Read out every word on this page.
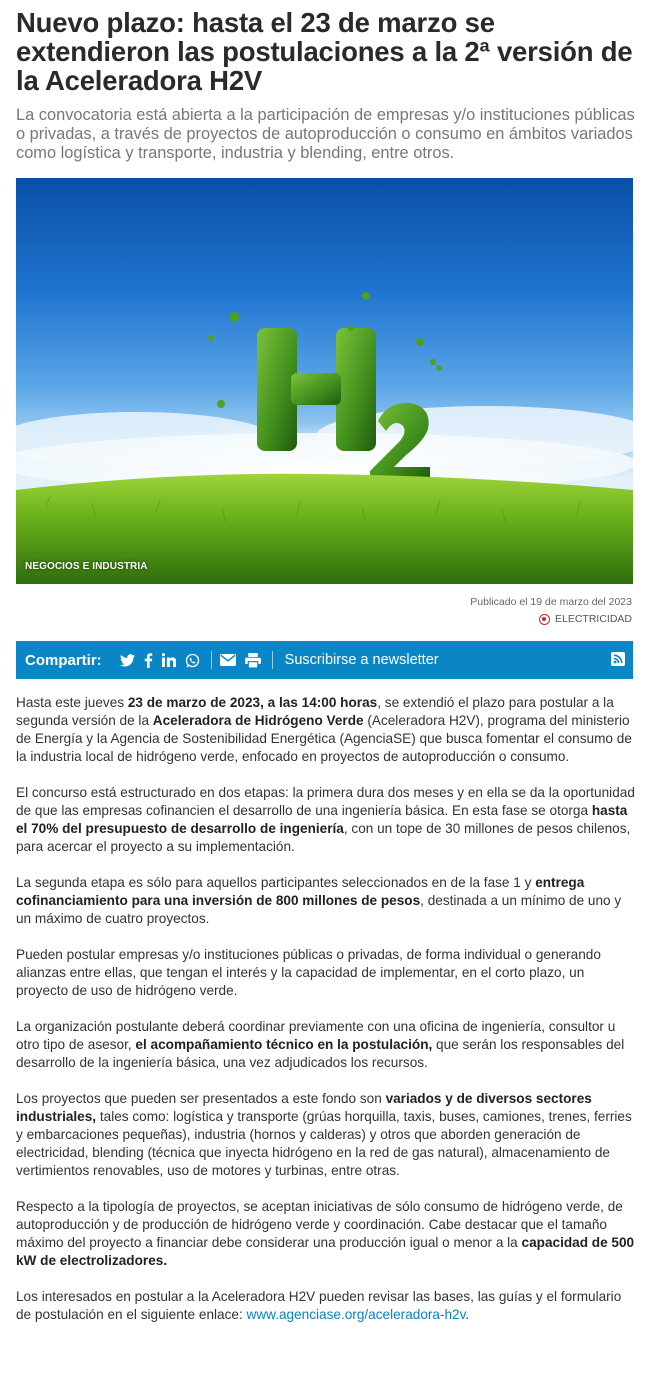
Nuevo plazo: hasta el 23 de marzo se extendieron las postulaciones a la 2ª versión de la Aceleradora H2V

La convocatoria está abierta a la participación de empresas y/o instituciones públicas o privadas, a través de proyectos de autoproducción o consumo en ámbitos variados como logística y transporte, industria y blending, entre otros.

NEGOCIOS E INDUSTRIA
Publicado el 19 de marzo del 2023
ELECTRICIDAD
Compartir:	Suscribirse a newsletter

Hasta este jueves 23 de marzo de 2023, a las 14:00 horas, se extendió el plazo para postular a la segunda versión de la Aceleradora de Hidrógeno Verde (Aceleradora H2V), programa del ministerio de Energía y la Agencia de Sostenibilidad Energética (AgenciaSE) que busca fomentar el consumo de la industria local de hidrógeno verde, enfocado en proyectos de autoproducción o consumo.

El concurso está estructurado en dos etapas: la primera dura dos meses y en ella se da la oportunidad de que las empresas cofinancien el desarrollo de una ingeniería básica. En esta fase se otorga hasta el 70% del presupuesto de desarrollo de ingeniería, con un tope de 30 millones de pesos chilenos, para acercar el proyecto a su implementación.

La segunda etapa es sólo para aquellos participantes seleccionados en de la fase 1 y entrega cofinanciamiento para una inversión de 800 millones de pesos, destinada a un mínimo de uno y un máximo de cuatro proyectos.

Pueden postular empresas y/o instituciones públicas o privadas, de forma individual o generando alianzas entre ellas, que tengan el interés y la capacidad de implementar, en el corto plazo, un proyecto de uso de hidrógeno verde.

La organización postulante deberá coordinar previamente con una oficina de ingeniería, consultor u otro tipo de asesor, el acompañamiento técnico en la postulación, que serán los responsables del desarrollo de la ingeniería básica, una vez adjudicados los recursos.

Los proyectos que pueden ser presentados a este fondo son variados y de diversos sectores industriales, tales como: logística y transporte (grúas horquilla, taxis, buses, camiones, trenes, ferries y embarcaciones pequeñas), industria (hornos y calderas) y otros que aborden generación de electricidad, blending (técnica que inyecta hidrógeno en la red de gas natural), almacenamiento de vertimientos renovables, uso de motores y turbinas, entre otras.

Respecto a la tipología de proyectos, se aceptan iniciativas de sólo consumo de hidrógeno verde, de autoproducción y de producción de hidrógeno verde y coordinación. Cabe destacar que el tamaño máximo del proyecto a financiar debe considerar una producción igual o menor a la capacidad de 500 kW de electrolizadores.

Los interesados en postular a la Aceleradora H2V pueden revisar las bases, las guías y el formulario de postulación en el siguiente enlace: www.agenciase.org/aceleradora-h2v.
